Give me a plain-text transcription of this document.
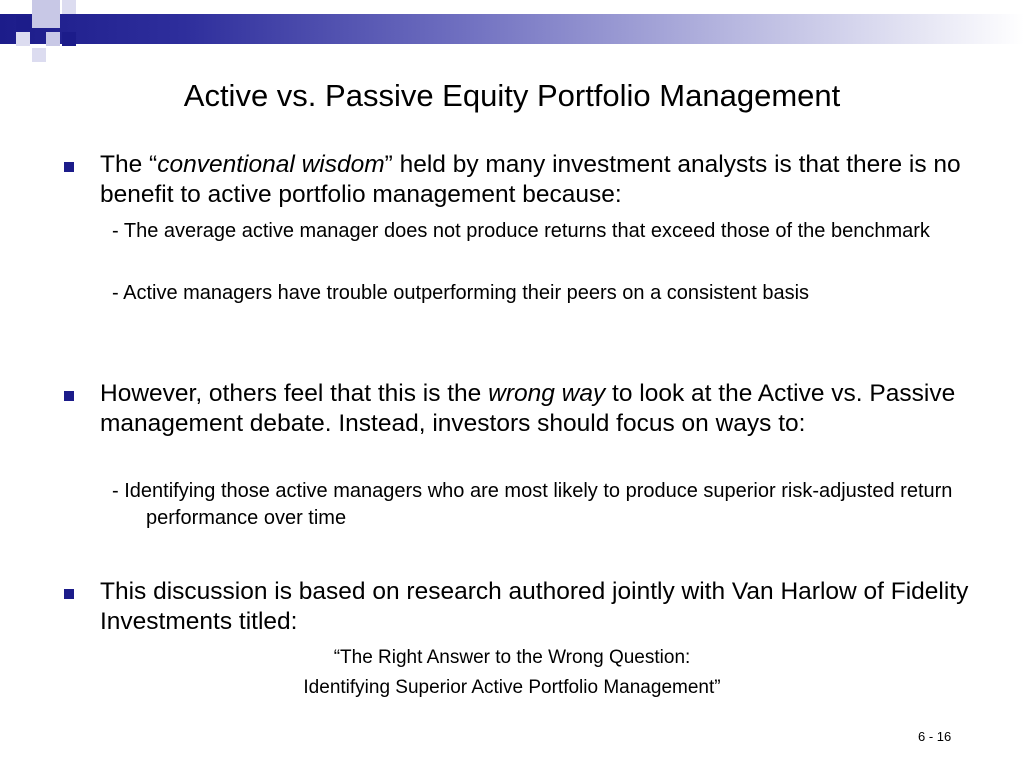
Active vs. Passive Equity Portfolio Management
The “conventional wisdom” held by many investment analysts is that there is no benefit to active portfolio management because:
- The average active manager does not produce returns that exceed those of the benchmark
- Active managers have trouble outperforming their peers on a consistent basis
However, others feel that this is the wrong way to look at the Active vs. Passive management debate. Instead, investors should focus on ways to:
- Identifying those active managers who are most likely to produce superior risk-adjusted return performance over time
This discussion is based on research authored jointly with Van Harlow of Fidelity Investments titled:
“The Right Answer to the Wrong Question:
Identifying Superior Active Portfolio Management”
6 - 16
